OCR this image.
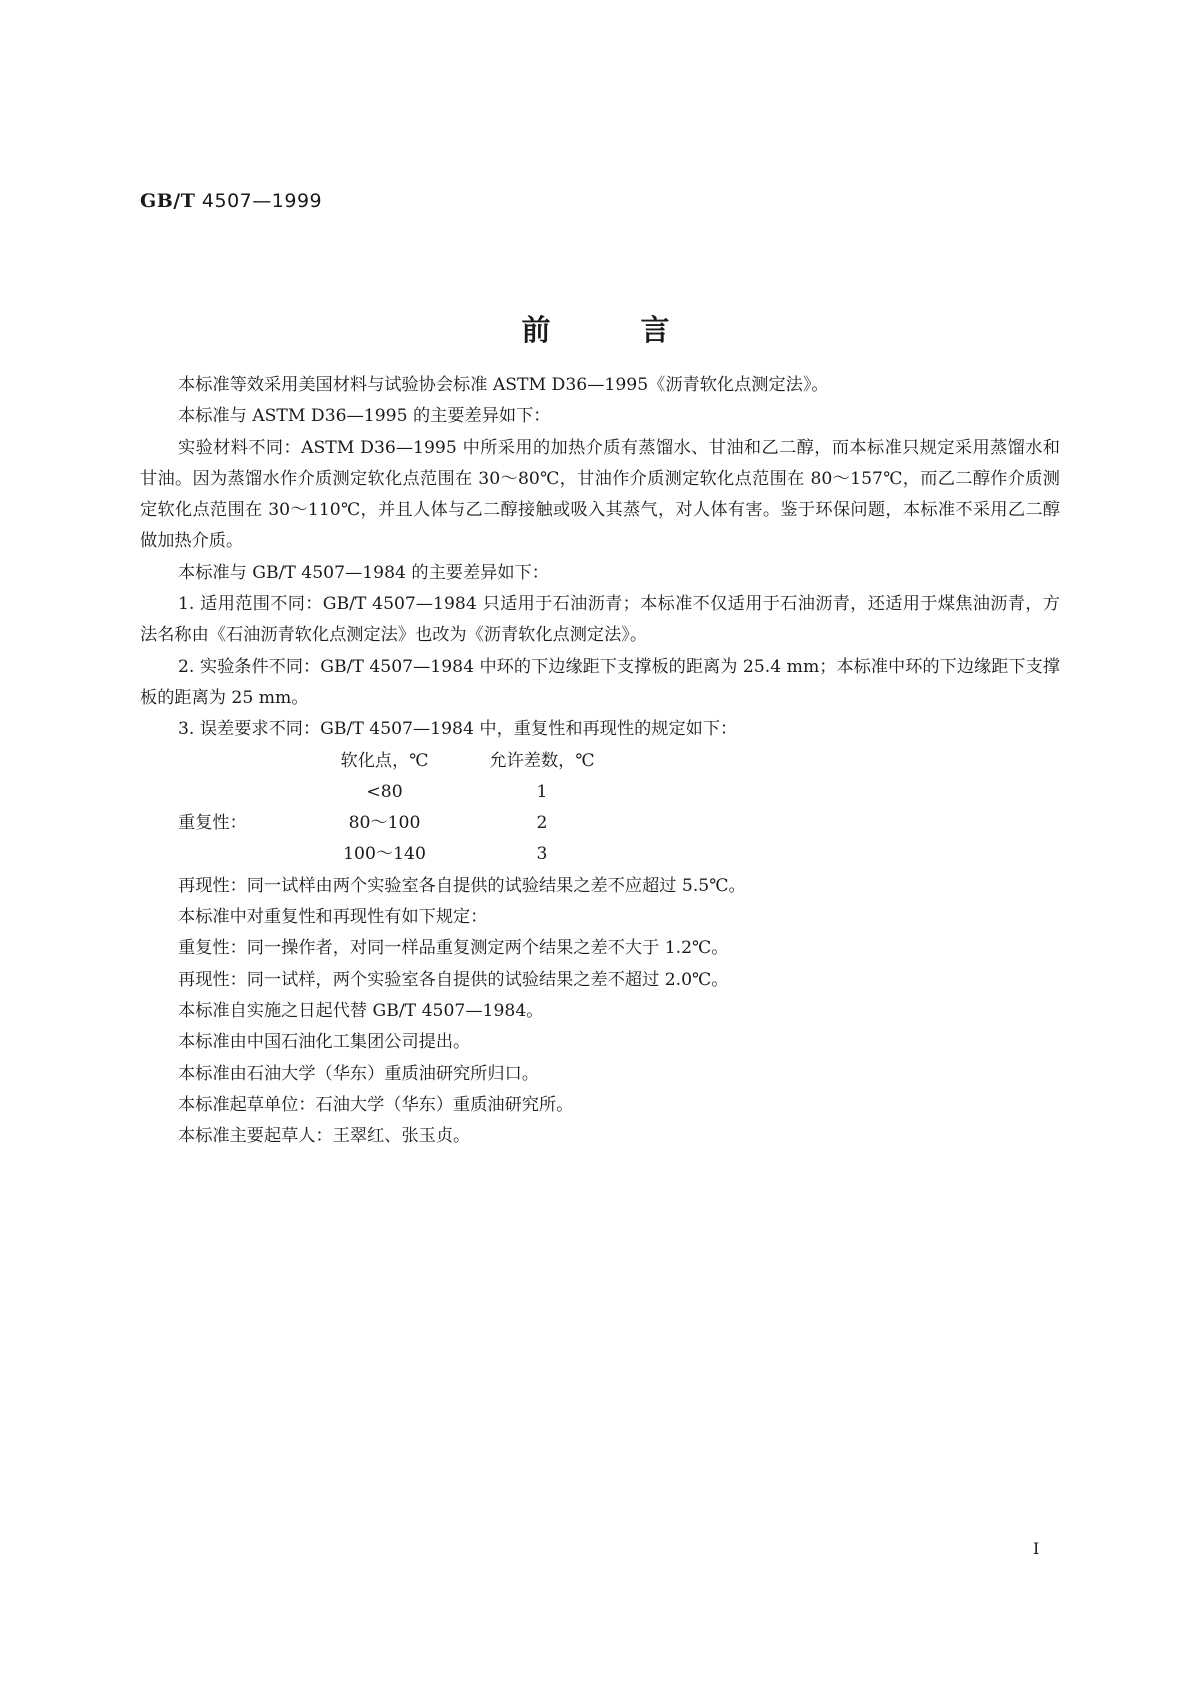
GB/T 4507—1999
前言

本标准等效采用美国材料与试验协会标准 ASTM D36—1995《沥青软化点测定法》。

本标准与 ASTM D36—1995 的主要差异如下：

实验材料不同：ASTM D36—1995 中所采用的加热介质有蒸馏水、甘油和乙二醇，而本标准只规定采用蒸馏水和甘油。因为蒸馏水作介质测定软化点范围在 30～80℃，甘油作介质测定软化点范围在 80～157℃，而乙二醇作介质测定软化点范围在 30～110℃，并且人体与乙二醇接触或吸入其蒸气，对人体有害。鉴于环保问题，本标准不采用乙二醇做加热介质。

本标准与 GB/T 4507—1984 的主要差异如下：

1. 适用范围不同：GB/T 4507—1984 只适用于石油沥青；本标准不仅适用于石油沥青，还适用于煤焦油沥青，方法名称由《石油沥青软化点测定法》也改为《沥青软化点测定法》。

2. 实验条件不同：GB/T 4507—1984 中环的下边缘距下支撑板的距离为 25.4 mm；本标准中环的下边缘距下支撑板的距离为 25 mm。

3. 误差要求不同：GB/T 4507—1984 中，重复性和再现性的规定如下：

	软化点，℃	允许差数，℃
	<80	1
重复性：	80～100	2
	100～140	3

再现性：同一试样由两个实验室各自提供的试验结果之差不应超过 5.5℃。

本标准中对重复性和再现性有如下规定：

重复性：同一操作者，对同一样品重复测定两个结果之差不大于 1.2℃。

再现性：同一试样，两个实验室各自提供的试验结果之差不超过 2.0℃。

本标准自实施之日起代替 GB/T 4507—1984。

本标准由中国石油化工集团公司提出。

本标准由石油大学（华东）重质油研究所归口。

本标准起草单位：石油大学（华东）重质油研究所。

本标准主要起草人：王翠红、张玉贞。

I
